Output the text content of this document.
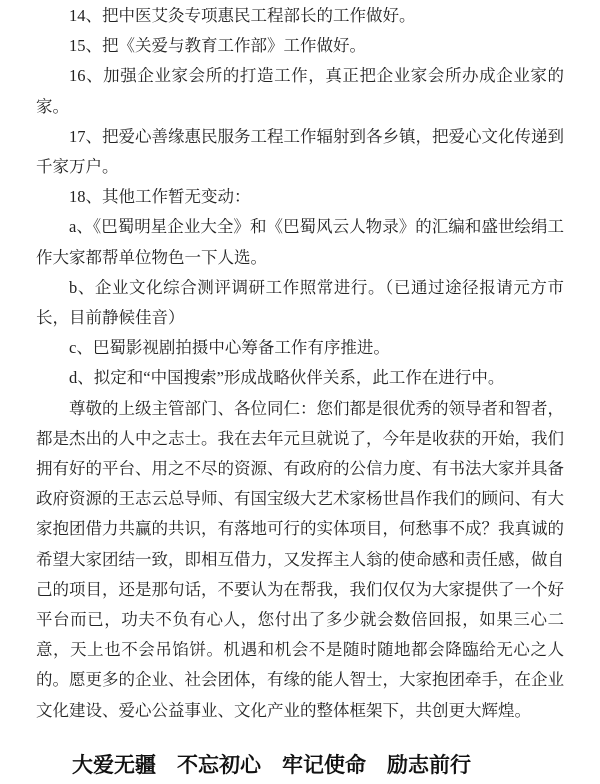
14、把中医艾灸专项惠民工程部长的工作做好。

15、把《关爱与教育工作部》工作做好。

16、加强企业家会所的打造工作，真正把企业家会所办成企业家的家。

17、把爱心善缘惠民服务工程工作辐射到各乡镇，把爱心文化传递到千家万户。

18、其他工作暂无变动：

a、《巴蜀明星企业大全》和《巴蜀风云人物录》的汇编和盛世绘绢工作大家都帮单位物色一下人选。

b、企业文化综合测评调研工作照常进行。（已通过途径报请元方市长，目前静候佳音）

c、巴蜀影视剧拍摄中心筹备工作有序推进。

d、拟定和“中国搜索”形成战略伙伴关系，此工作在进行中。

尊敬的上级主管部门、各位同仁：您们都是很优秀的领导者和智者，都是杰出的人中之志士。我在去年元旦就说了，今年是收获的开始，我们拥有好的平台、用之不尽的资源、有政府的公信力度、有书法大家并具备政府资源的王志云总导师、有国宝级大艺术家杨世昌作我们的顾问、有大家抱团借力共赢的共识，有落地可行的实体项目，何愁事不成？我真诚的希望大家团结一致，即相互借力，又发挥主人翁的使命感和责任感，做自己的项目，还是那句话，不要认为在帮我，我们仅仅为大家提供了一个好平台而已，功夫不负有心人，您付出了多少就会数倍回报，如果三心二意，天上也不会吊馅饼。机遇和机会不是随时随地都会降臨给无心之人的。愿更多的企业、社会团体，有缘的能人智士，大家抱团牵手，在企业文化建设、爱心公益事业、文化产业的整体框架下，共创更大辉煌。

大爱无疆　不忘初心　牢记使命　励志前行
